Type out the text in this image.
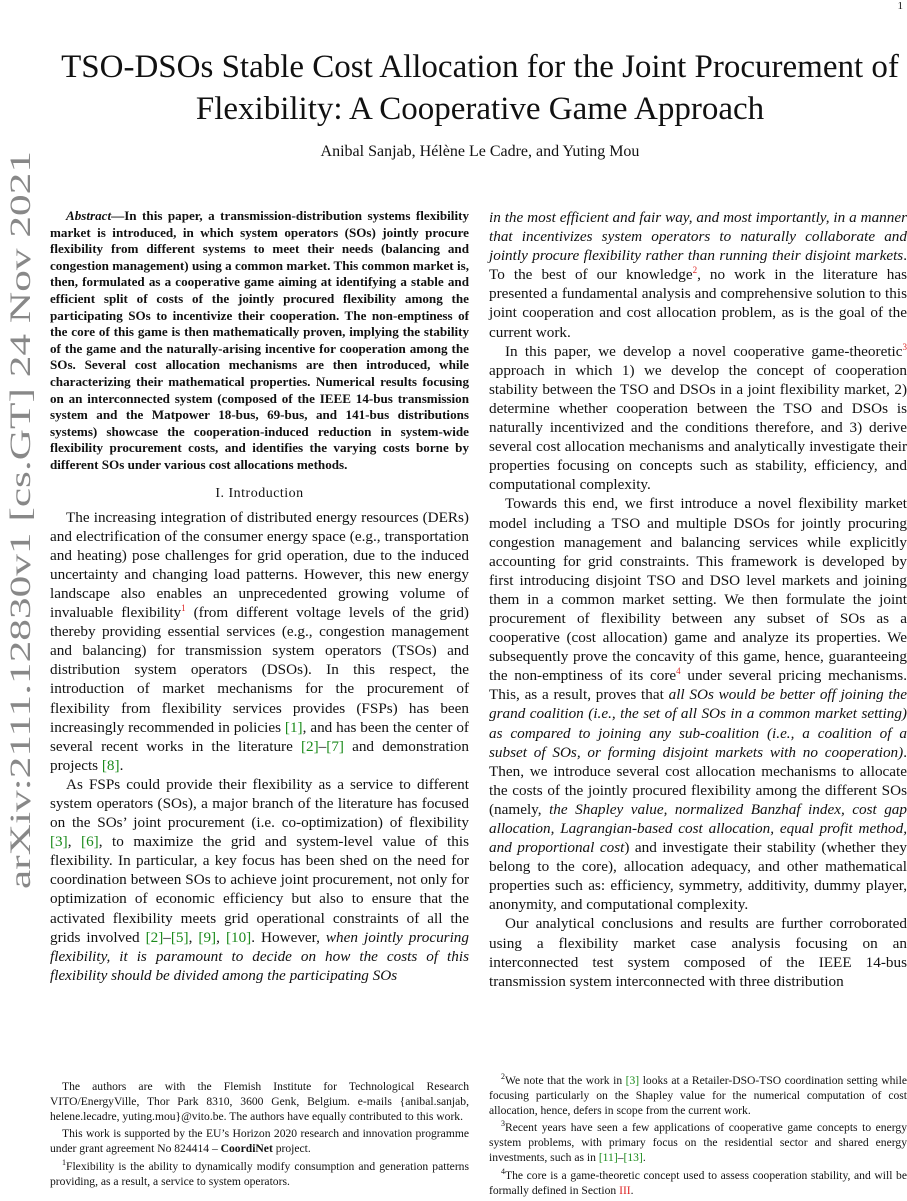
1
arXiv:2111.12830v1 [cs.GT] 24 Nov 2021
TSO-DSOs Stable Cost Allocation for the Joint Procurement of Flexibility: A Cooperative Game Approach
Anibal Sanjab, Hélène Le Cadre, and Yuting Mou

Abstract—In this paper, a transmission-distribution systems flexibility market is introduced, in which system operators (SOs) jointly procure flexibility from different systems to meet their needs (balancing and congestion management) using a common market. This common market is, then, formulated as a cooperative game aiming at identifying a stable and efficient split of costs of the jointly procured flexibility among the participating SOs to incentivize their cooperation. The non-emptiness of the core of this game is then mathematically proven, implying the stability of the game and the naturally-arising incentive for cooperation among the SOs. Several cost allocation mechanisms are then introduced, while characterizing their mathematical properties. Numerical results focusing on an interconnected system (composed of the IEEE 14-bus transmission system and the Matpower 18-bus, 69-bus, and 141-bus distributions systems) showcase the cooperation-induced reduction in system-wide flexibility procurement costs, and identifies the varying costs borne by different SOs under various cost allocations methods.

I. Introduction

The increasing integration of distributed energy resources (DERs) and electrification of the consumer energy space (e.g., transportation and heating) pose challenges for grid operation, due to the induced uncertainty and changing load patterns. However, this new energy landscape also enables an unprecedented growing volume of invaluable flexibility$^1$ (from different voltage levels of the grid) thereby providing essential services (e.g., congestion management and balancing) for transmission system operators (TSOs) and distribution system operators (DSOs). In this respect, the introduction of market mechanisms for the procurement of flexibility from flexibility services provides (FSPs) has been increasingly recommended in policies [1], and has been the center of several recent works in the literature [2]–[7] and demonstration projects [8].

As FSPs could provide their flexibility as a service to different system operators (SOs), a major branch of the literature has focused on the SOs’ joint procurement (i.e. co-optimization) of flexibility [3], [6], to maximize the grid and system-level value of this flexibility. In particular, a key focus has been shed on the need for coordination between SOs to achieve joint procurement, not only for optimization of economic efficiency but also to ensure that the activated flexibility meets grid operational constraints of all the grids involved [2]–[5], [9], [10]. However, when jointly procuring flexibility, it is paramount to decide on how the costs of this flexibility should be divided among the participating SOs

in the most efficient and fair way, and most importantly, in a manner that incentivizes system operators to naturally collaborate and jointly procure flexibility rather than running their disjoint markets. To the best of our knowledge$^2$, no work in the literature has presented a fundamental analysis and comprehensive solution to this joint cooperation and cost allocation problem, as is the goal of the current work.

In this paper, we develop a novel cooperative game-theoretic$^3$ approach in which 1) we develop the concept of cooperation stability between the TSO and DSOs in a joint flexibility market, 2) determine whether cooperation between the TSO and DSOs is naturally incentivized and the conditions therefore, and 3) derive several cost allocation mechanisms and analytically investigate their properties focusing on concepts such as stability, efficiency, and computational complexity.

Towards this end, we first introduce a novel flexibility market model including a TSO and multiple DSOs for jointly procuring congestion management and balancing services while explicitly accounting for grid constraints. This framework is developed by first introducing disjoint TSO and DSO level markets and joining them in a common market setting. We then formulate the joint procurement of flexibility between any subset of SOs as a cooperative (cost allocation) game and analyze its properties. We subsequently prove the concavity of this game, hence, guaranteeing the non-emptiness of its core$^4$ under several pricing mechanisms. This, as a result, proves that all SOs would be better off joining the grand coalition (i.e., the set of all SOs in a common market setting) as compared to joining any sub-coalition (i.e., a coalition of a subset of SOs, or forming disjoint markets with no cooperation). Then, we introduce several cost allocation mechanisms to allocate the costs of the jointly procured flexibility among the different SOs (namely, the Shapley value, normalized Banzhaf index, cost gap allocation, Lagrangian-based cost allocation, equal profit method, and proportional cost) and investigate their stability (whether they belong to the core), allocation adequacy, and other mathematical properties such as: efficiency, symmetry, additivity, dummy player, anonymity, and computational complexity.

Our analytical conclusions and results are further corroborated using a flexibility market case analysis focusing on an interconnected test system composed of the IEEE 14-bus transmission system interconnected with three distribution

The authors are with the Flemish Institute for Technological Research VITO/EnergyVille, Thor Park 8310, 3600 Genk, Belgium. e-mails {anibal.sanjab, helene.lecadre, yuting.mou}@vito.be. The authors have equally contributed to this work.

This work is supported by the EU’s Horizon 2020 research and innovation programme under grant agreement No 824414 – CoordiNet project.

$^1$Flexibility is the ability to dynamically modify consumption and generation patterns providing, as a result, a service to system operators.

$^2$We note that the work in [3] looks at a Retailer-DSO-TSO coordination setting while focusing particularly on the Shapley value for the numerical computation of cost allocation, hence, defers in scope from the current work.

$^3$Recent years have seen a few applications of cooperative game concepts to energy system problems, with primary focus on the residential sector and shared energy investments, such as in [11]–[13].

$^4$The core is a game-theoretic concept used to assess cooperation stability, and will be formally defined in Section III.
